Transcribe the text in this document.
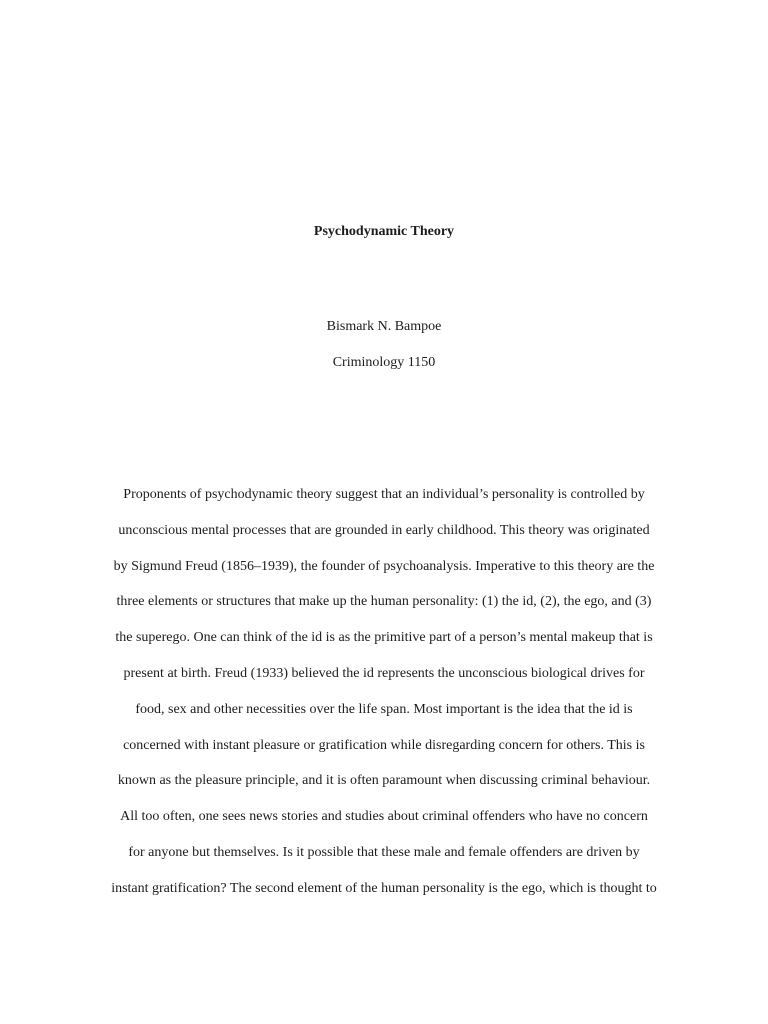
Psychodynamic Theory
Bismark N. Bampoe
Criminology 1150
Proponents of psychodynamic theory suggest that an individual’s personality is controlled by
unconscious mental processes that are grounded in early childhood. This theory was originated
by Sigmund Freud (1856–1939), the founder of psychoanalysis. Imperative to this theory are the
three elements or structures that make up the human personality: (1) the id, (2), the ego, and (3)
the superego. One can think of the id is as the primitive part of a person’s mental makeup that is
present at birth. Freud (1933) believed the id represents the unconscious biological drives for
food, sex and other necessities over the life span. Most important is the idea that the id is
concerned with instant pleasure or gratification while disregarding concern for others. This is
known as the pleasure principle, and it is often paramount when discussing criminal behaviour.
All too often, one sees news stories and studies about criminal offenders who have no concern
for anyone but themselves. Is it possible that these male and female offenders are driven by
instant gratification? The second element of the human personality is the ego, which is thought to
